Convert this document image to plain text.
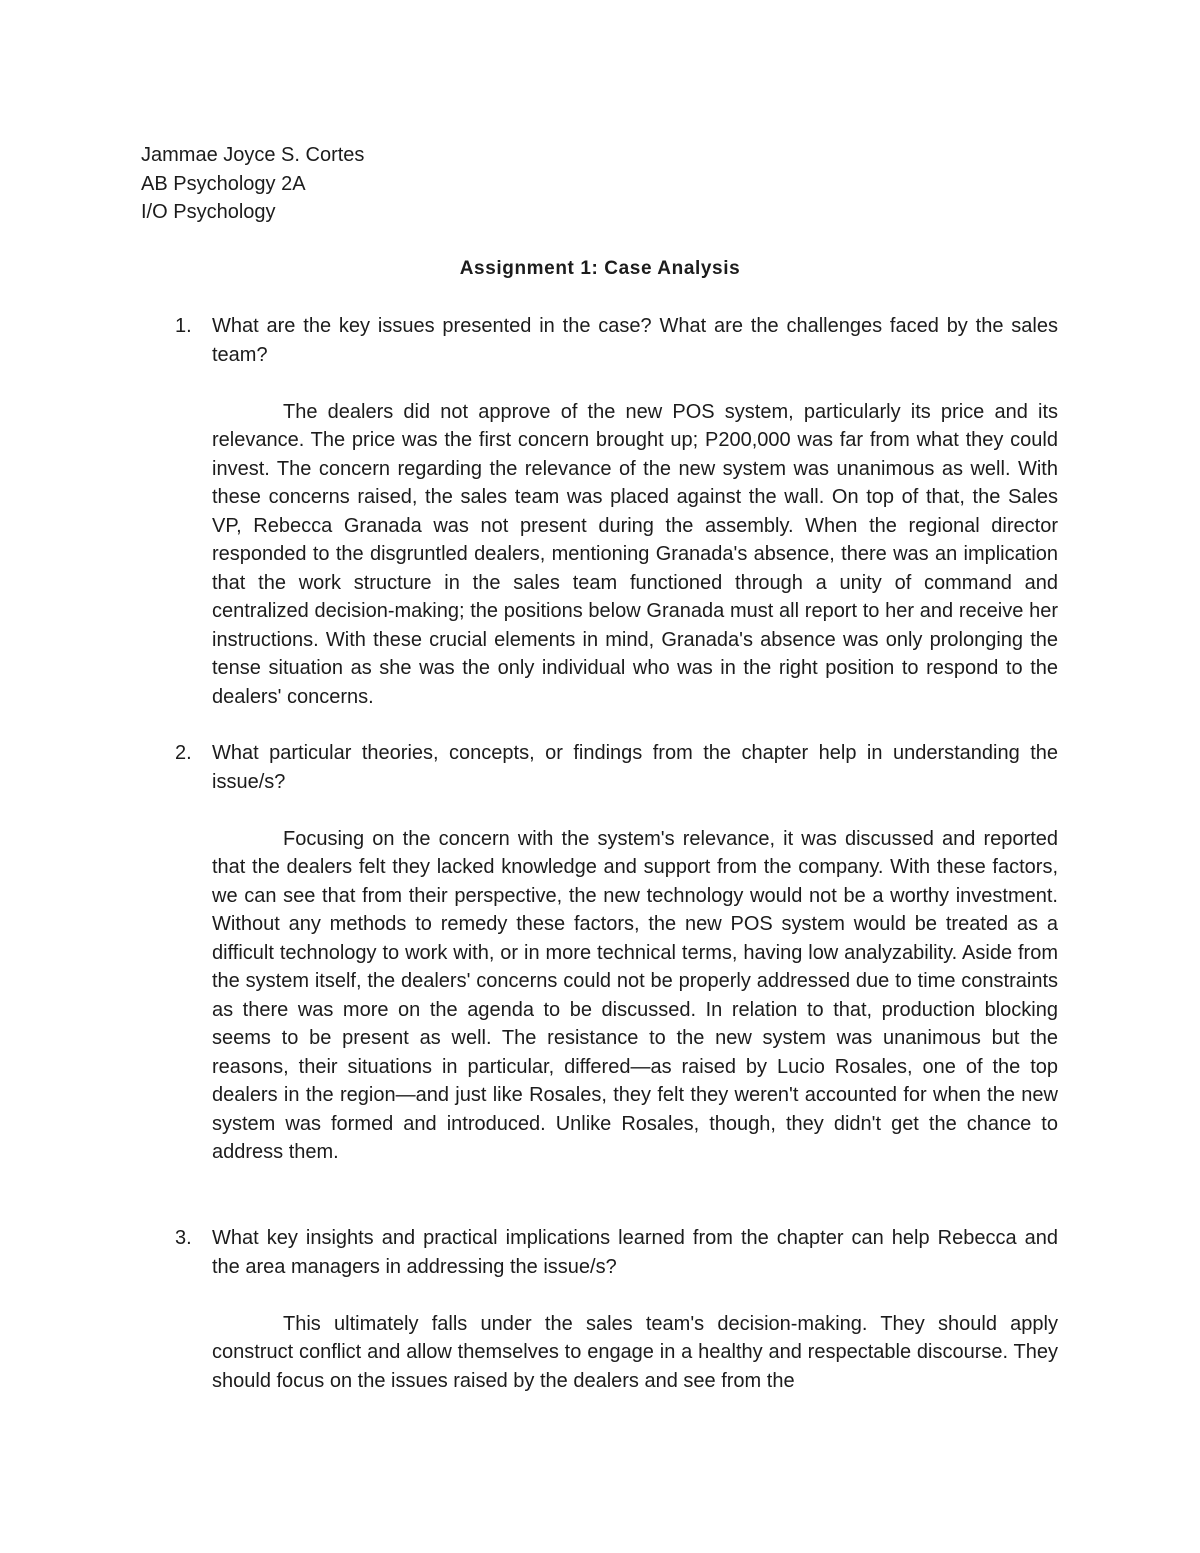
Jammae Joyce S. Cortes
AB Psychology 2A
I/O Psychology
Assignment 1: Case Analysis
1. What are the key issues presented in the case? What are the challenges faced by the sales team?
The dealers did not approve of the new POS system, particularly its price and its relevance. The price was the first concern brought up; P200,000 was far from what they could invest. The concern regarding the relevance of the new system was unanimous as well. With these concerns raised, the sales team was placed against the wall. On top of that, the Sales VP, Rebecca Granada was not present during the assembly. When the regional director responded to the disgruntled dealers, mentioning Granada's absence, there was an implication that the work structure in the sales team functioned through a unity of command and centralized decision-making; the positions below Granada must all report to her and receive her instructions. With these crucial elements in mind, Granada's absence was only prolonging the tense situation as she was the only individual who was in the right position to respond to the dealers' concerns.
2. What particular theories, concepts, or findings from the chapter help in understanding the issue/s?
Focusing on the concern with the system's relevance, it was discussed and reported that the dealers felt they lacked knowledge and support from the company. With these factors, we can see that from their perspective, the new technology would not be a worthy investment. Without any methods to remedy these factors, the new POS system would be treated as a difficult technology to work with, or in more technical terms, having low analyzability. Aside from the system itself, the dealers' concerns could not be properly addressed due to time constraints as there was more on the agenda to be discussed. In relation to that, production blocking seems to be present as well. The resistance to the new system was unanimous but the reasons, their situations in particular, differed—as raised by Lucio Rosales, one of the top dealers in the region—and just like Rosales, they felt they weren't accounted for when the new system was formed and introduced. Unlike Rosales, though, they didn't get the chance to address them.
3. What key insights and practical implications learned from the chapter can help Rebecca and the area managers in addressing the issue/s?
This ultimately falls under the sales team's decision-making. They should apply construct conflict and allow themselves to engage in a healthy and respectable discourse. They should focus on the issues raised by the dealers and see from the
